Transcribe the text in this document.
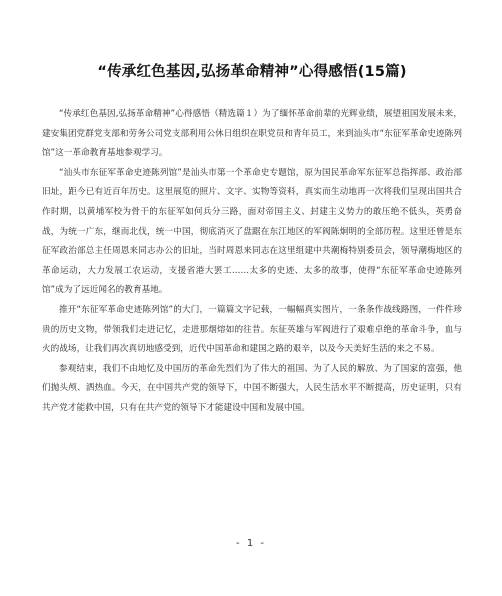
“传承红色基因,弘扬革命精神”心得感悟(15篇)

“传承红色基因,弘扬革命精神”心得感悟（精选篇１）为了缅怀革命前辈的光辉业绩，展望祖国发展未来，建安集团党群党支部和劳务公司党支部利用公休日组织在职党员和青年员工，来到汕头市“东征军革命史迹陈列馆”这一革命教育基地参观学习。

“汕头市东征军革命史迹陈列馆”是汕头市第一个革命史专题馆，原为国民革命军东征军总指挥部、政治部旧址，距今已有近百年历史。这里展览的照片、文字、实物等资料，真实而生动地再一次将我们呈现出国共合作时期，以黄埔军校为骨干的东征军如何兵分三路，面对帝国主义、封建主义势力的敢压绝不低头，英勇奋战，为统一广东，继而北伐，统一中国，彻底消灭了盘踞在东江地区的军阀陈炯明的全部历程。这里还曾是东征军政治部总主任周恩来同志办公的旧址，当时周恩来同志在这里组建中共潮梅特别委员会，领导潮梅地区的革命运动，大力发展工农运动，支援省港大罢工……太多的史迹、太多的故事，使得“东征军革命史迹陈列馆”成为了远近闻名的教育基地。

推开“东征军革命史迹陈列馆”的大门，一篇篇文字记载，一幅幅真实图片，一条条作战线路图，一件件珍贵的历史文物，带领我们走进记忆，走进那烟熔如的往昔。东征英雄与军阀进行了艰难卓绝的革命斗争，血与火的战场，让我们再次真切地感受到，近代中国革命和建国之路的艰辛，以及今天美好生活的来之不易。

参观结束，我们不由地忆及中国历的革命先烈们为了伟大的祖国、为了人民的解放、为了国家的富强，他们抛头颅、洒热血。今天，在中国共产党的领导下，中国不断强大，人民生活水平不断提高，历史证明，只有共产党才能救中国，只有在共产党的领导下才能建设中国和发展中国。

- 1 -
